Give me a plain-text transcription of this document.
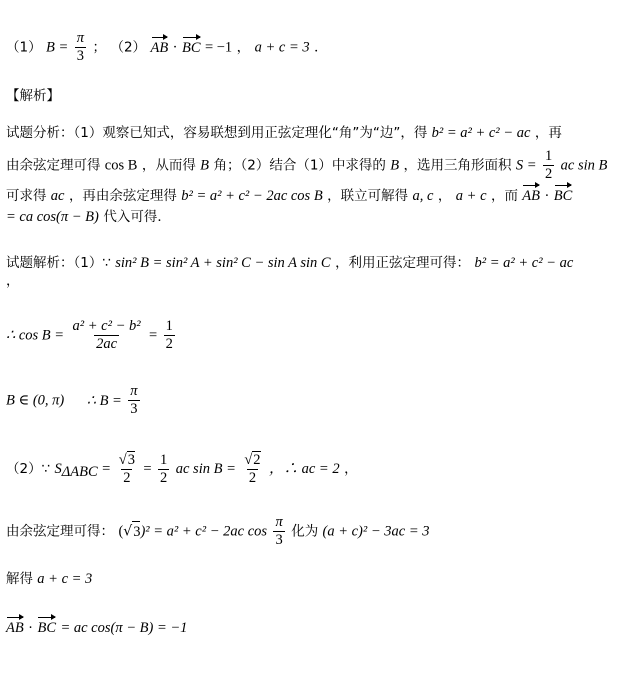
（1） $B = \frac{\pi}{3}$ ； （2） AB · BC = −1 ， a + c = 3 ．
【解析】
试题分析：（1）观察已知式，容易联想到用正弦定理化“角”为“边”，得 b² = a² + c² − ac ，再
由余弦定理可得 cos B ，从而得 B 角；（2）结合（1）中求得的 B ，选用三角形面积 $S = \frac{1}{2}$ ac sin B
可求得 ac ，再由余弦定理得 b² = a² + c² − 2ac cos B ，联立可解得 a, c ， a + c ，而 AB · BC
= ca cos(π − B) 代入可得．
试题解析：（1）∵ sin² B = sin² A + sin² C − sin A sin C ，利用正弦定理可得： b² = a² + c² − ac
，
∴ $\cos B = \frac{\text{a² + c² − b²}}{2ac} = \frac{1}{2}$
B ∈ (0, π) ∴ $B = \frac{\pi}{3}$
（2）∵ $S_{\Delta ABC} = \frac{√3}{2} = \frac{1}{2}$ ac $\sin B = \frac{√2}{2}$ ，∴ ac = 2 ，
由余弦定理可得： (√3)² = a² + c² − 2ac $\cos \frac{\pi}{3}$ 化为 (a + c)² − 3ac = 3
解得 a + c = 3
AB · BC = ac cos(π − B) = −1
